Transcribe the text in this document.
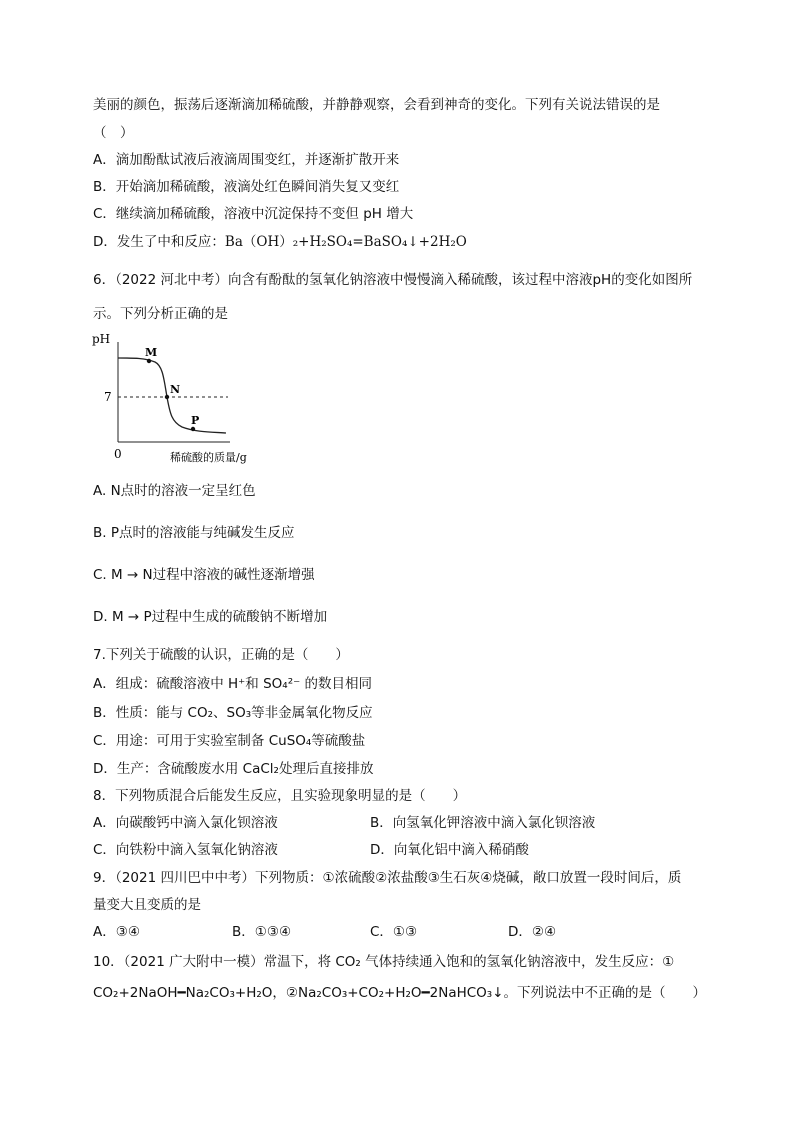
美丽的颜色，振荡后逐渐滴加稀硫酸，并静静观察，会看到神奇的变化。下列有关说法错误的是
（　）
A．滴加酚酞试液后液滴周围变红，并逐渐扩散开来
B．开始滴加稀硫酸，液滴处红色瞬间消失复又变红
C．继续滴加稀硫酸，溶液中沉淀保持不变但 pH 增大
D．发生了中和反应：Ba（OH）₂+H₂SO₄=BaSO₄↓+2H₂O
6．（2022 河北中考）向含有酚酞的氢氧化钠溶液中慢慢滴入稀硫酸，该过程中溶液pH的变化如图所
示。下列分析正确的是
pH
7
0
M
N
P
稀硫酸的质量/g
A. N点时的溶液一定呈红色
B. P点时的溶液能与纯碱发生反应
C. M → N过程中溶液的碱性逐渐增强
D. M → P过程中生成的硫酸钠不断增加
7.下列关于硫酸的认识，正确的是（　　）
A．组成：硫酸溶液中 H⁺和 SO₄²⁻ 的数目相同
B．性质：能与 CO₂、SO₃等非金属氧化物反应
C．用途：可用于实验室制备 CuSO₄等硫酸盐
D．生产：含硫酸废水用 CaCl₂处理后直接排放
8．下列物质混合后能发生反应，且实验现象明显的是（　　）
A．向碳酸钙中滴入氯化钡溶液	B．向氢氧化钾溶液中滴入氯化钡溶液
C．向铁粉中滴入氢氧化钠溶液	D．向氧化铝中滴入稀硝酸
9．（2021 四川巴中中考）下列物质：①浓硫酸②浓盐酸③生石灰④烧碱，敞口放置一段时间后，质
量变大且变质的是
A．③④	B．①③④	C．①③	D．②④
10．（2021 广大附中一模）常温下，将 CO₂ 气体持续通入饱和的氢氧化钠溶液中，发生反应：①
CO₂+2NaOH━Na₂CO₃+H₂O，②Na₂CO₃+CO₂+H₂O━2NaHCO₃↓。下列说法中不正确的是（　　）
